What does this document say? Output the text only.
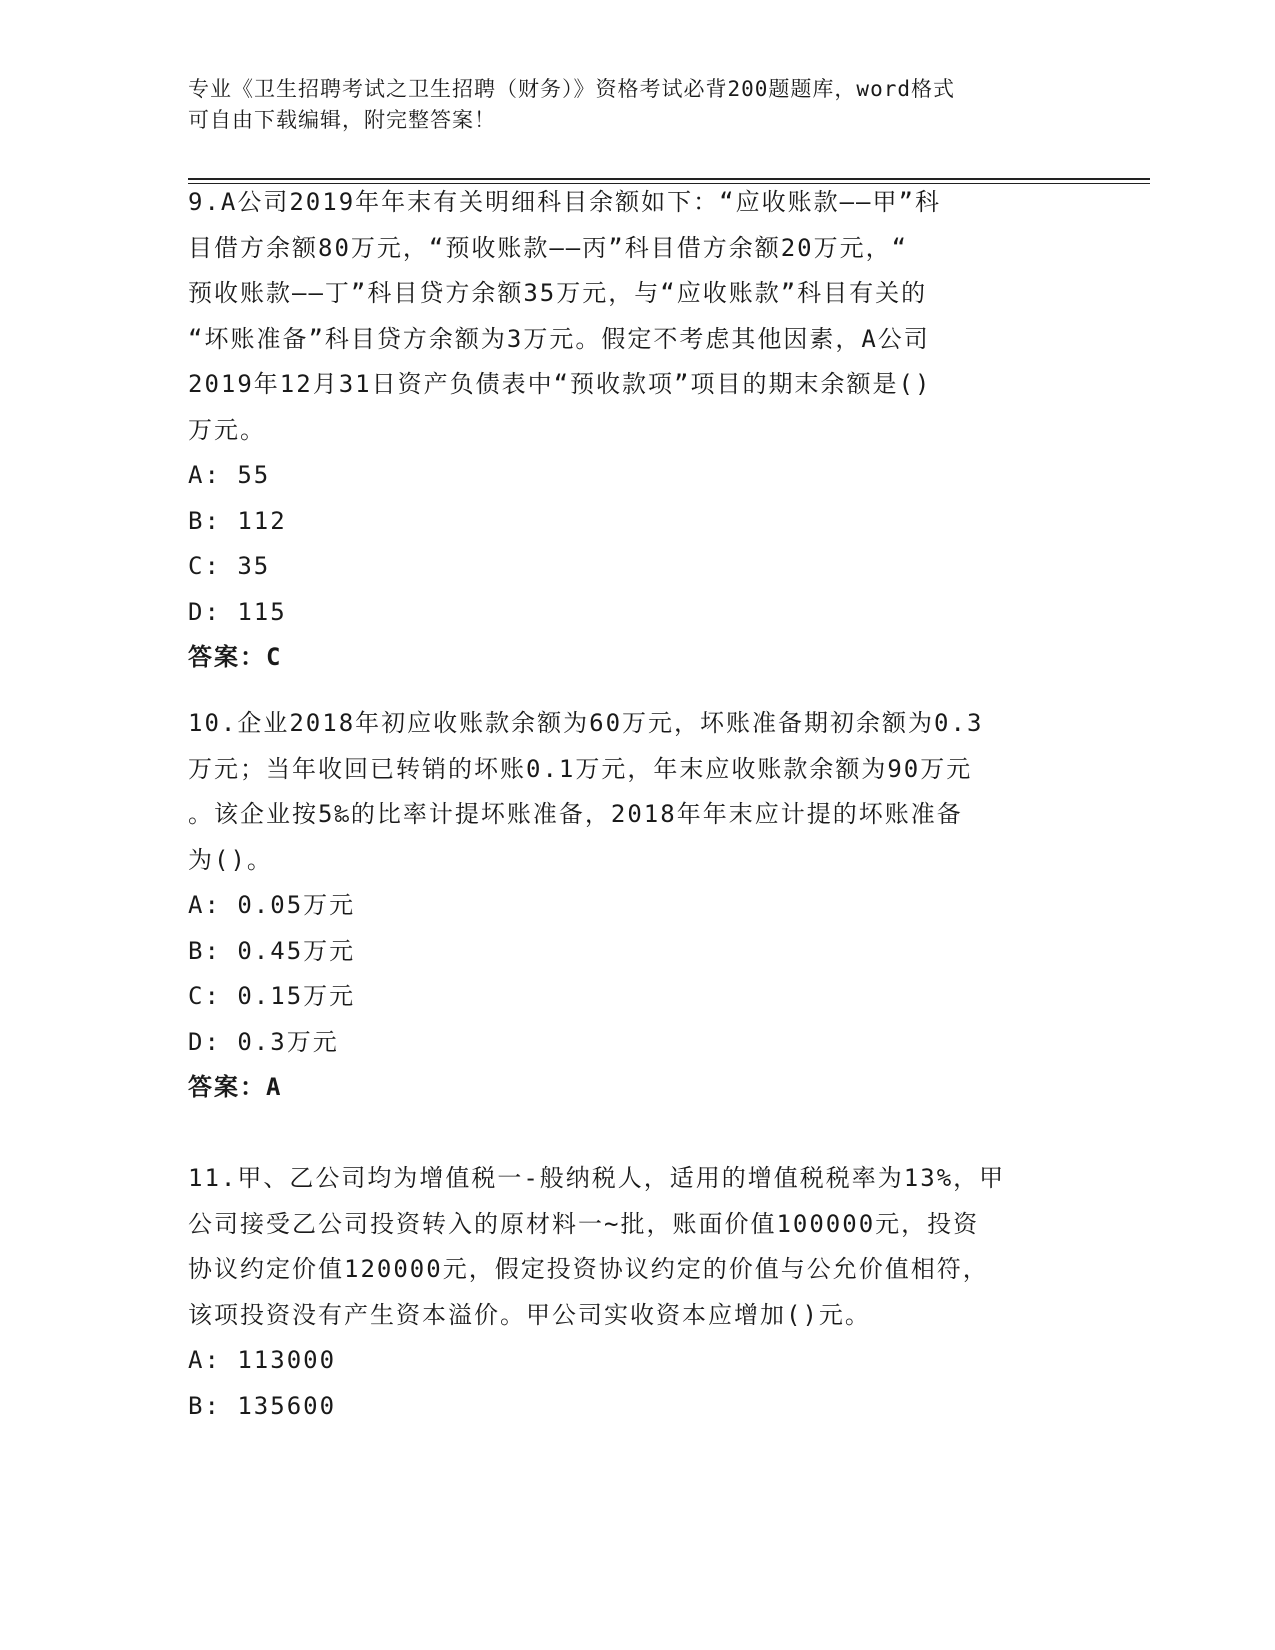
专业《卫生招聘考试之卫生招聘（财务）》资格考试必背200题题库，word格式
可自由下载编辑，附完整答案！
9.A公司2019年年末有关明细科目余额如下：“应收账款——甲”科
目借方余额80万元，“预收账款——丙”科目借方余额20万元，“
预收账款——丁”科目贷方余额35万元，与“应收账款”科目有关的
“坏账准备”科目贷方余额为3万元。假定不考虑其他因素，A公司
2019年12月31日资产负债表中“预收款项”项目的期末余额是()
万元。
A: 55
B: 112
C: 35
D: 115
答案：C
10.企业2018年初应收账款余额为60万元，坏账准备期初余额为0.3
万元；当年收回已转销的坏账0.1万元，年末应收账款余额为90万元
。该企业按5‰的比率计提坏账准备，2018年年末应计提的坏账准备
为()。
A: 0.05万元
B: 0.45万元
C: 0.15万元
D: 0.3万元
答案：A
11.甲、乙公司均为增值税一-般纳税人，适用的增值税税率为13%，甲
公司接受乙公司投资转入的原材料一~批，账面价值100000元，投资
协议约定价值120000元，假定投资协议约定的价值与公允价值相符，
该项投资没有产生资本溢价。甲公司实收资本应增加()元。
A: 113000
B: 135600
